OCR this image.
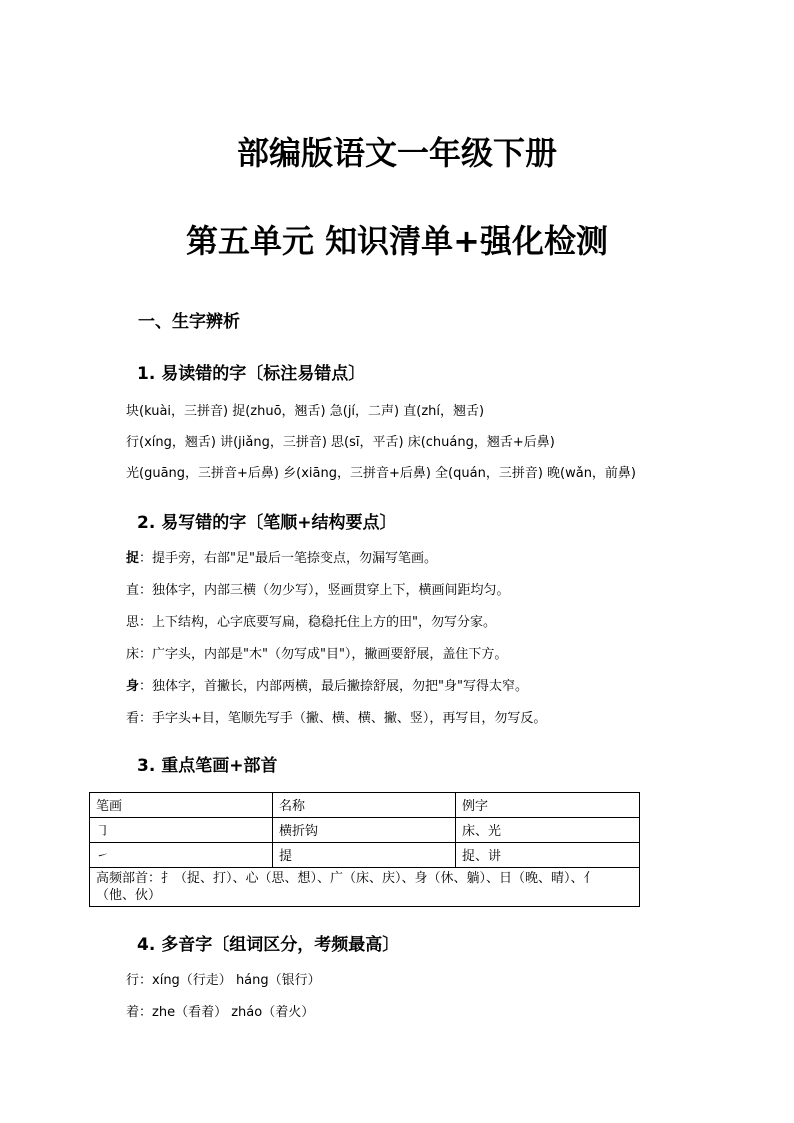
部编版语文一年级下册
第五单元 知识清单+强化检测
一、生字辨析
1. 易读错的字〔标注易错点〕
块(kuài，三拼音) 捉(zhuō，翘舌) 急(jí，二声) 直(zhí，翘舌)
行(xíng，翘舌) 讲(jiǎng，三拼音) 思(sī，平舌) 床(chuáng，翘舌+后鼻)
光(guāng，三拼音+后鼻) 乡(xiāng，三拼音+后鼻) 全(quán，三拼音) 晚(wǎn，前鼻)
2. 易写错的字〔笔顺+结构要点〕
捉：提手旁，右部"足"最后一笔捺变点，勿漏写笔画。
直：独体字，内部三横（勿少写），竖画贯穿上下，横画间距均匀。
思：上下结构，心字底要写扁，稳稳托住上方的田"，勿写分家。
床：广字头，内部是"木"（勿写成"目"），撇画要舒展，盖住下方。
身：独体字，首撇长，内部两横，最后撇捺舒展，勿把"身"写得太窄。
看：手字头+目，笔顺先写手（撇、横、横、撇、竖），再写目，勿写反。
3. 重点笔画+部首
笔画	名称	例字
㇆	横折钩	床、光
㇀	提	捉、讲
高频部首：扌（捉、打）、心（思、想）、广（床、庆）、身（休、躺）、日（晚、晴）、亻（他、伙）		
4. 多音字〔组词区分，考频最高〕
行：xíng（行走） háng（银行）
着：zhe（看着） zháo（着火）
